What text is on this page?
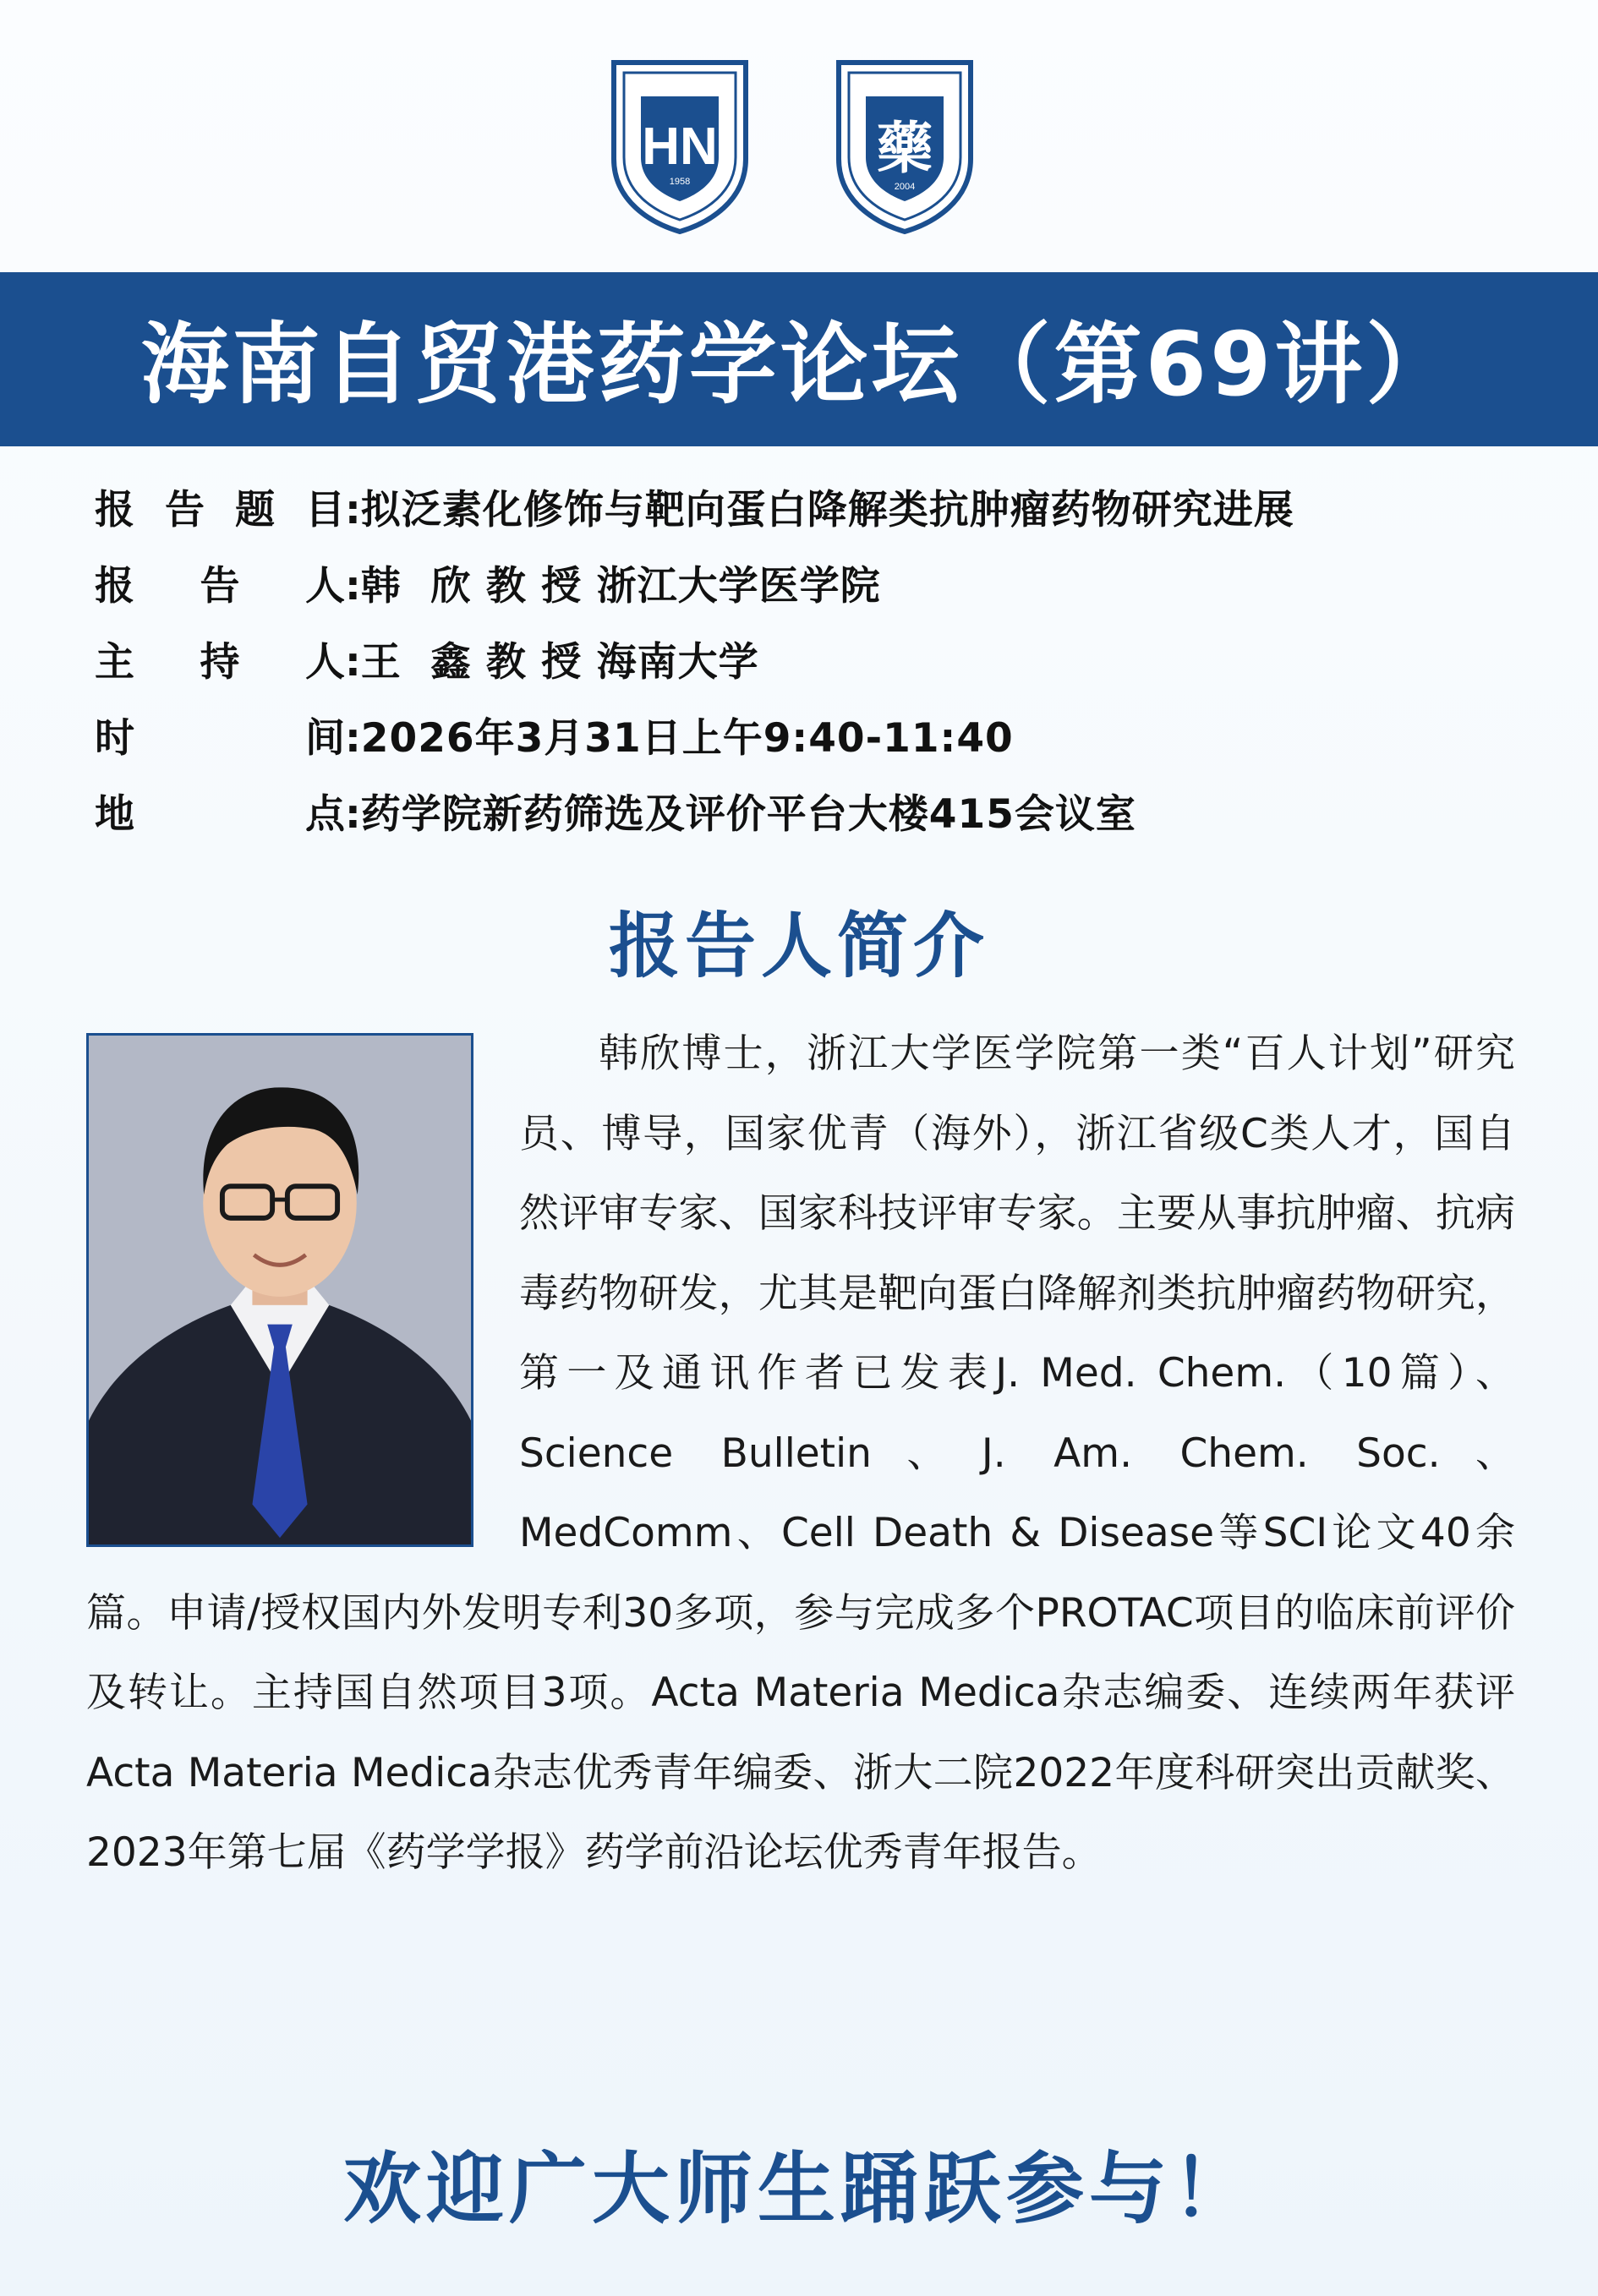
HN
1958
藥
2004
海南自贸港药学论坛（第69讲）
报 告 题 目 : 拟泛素化修饰与靶向蛋白降解类抗肿瘤药物研究进展
报 告 人 : 韩  欣 教 授 浙江大学医学院
主 持 人 : 王  鑫 教 授 海南大学
时	间 : 2026年3月31日上午9:40-11:40
地	点 : 药学院新药筛选及评价平台大楼415会议室
报告人简介

韩欣博士，浙江大学医学院第一类“百人计划”研究员、博导，国家优青（海外），浙江省级C类人才，国自然评审专家、国家科技评审专家。主要从事抗肿瘤、抗病毒药物研发，尤其是靶向蛋白降解剂类抗肿瘤药物研究，第一及通讯作者已发表J. Med. Chem.（10篇）、Science Bulletin、J. Am. Chem. Soc.、MedComm、Cell Death & Disease等SCI论文40余篇。申请/授权国内外发明专利30多项，参与完成多个PROTAC项目的临床前评价及转让。主持国自然项目3项。Acta Materia Medica杂志编委、连续两年获评Acta Materia Medica杂志优秀青年编委、浙大二院2022年度科研突出贡献奖、2023年第七届《药学学报》药学前沿论坛优秀青年报告。

欢迎广大师生踊跃参与！
